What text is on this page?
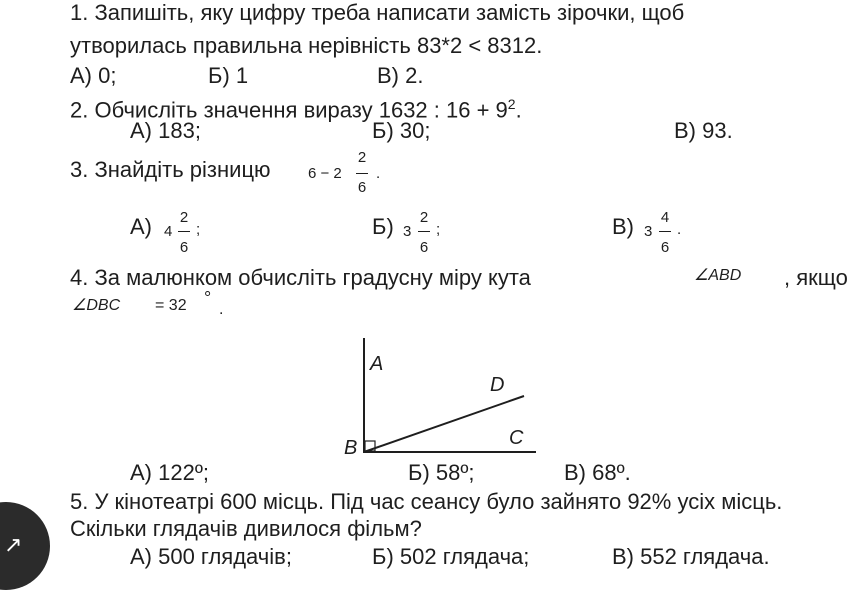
1. Запишіть, яку цифру треба написати замість зірочки, щоб
утворилась правильна нерівність 83*2 < 8312.
А) 0;	Б) 1	В) 2.
2. Обчисліть значення виразу 1632 : $16 + 9^2$.
А) 183;	Б) 30;	В) 93.
3. Знайдіть різницю 6 − 2
2
6
.
А) 4
2
6
;	Б) 3
2
6
;	В) 3
4
6
.
4. За малюнком обчисліть градусну міру кута	∠ABD , якщо
∠DBC = 32 °
.
A
B	C
D
А) 122º;	Б) 58º;	В) 68º.
5. У кінотеатрі 600 місць. Під час сеансу було зайнято 92% усіх місць.
Скільки глядачів дивилося фільм?
А) 500 глядачів;	Б) 502 глядача;	В) 552 глядача.
↗
